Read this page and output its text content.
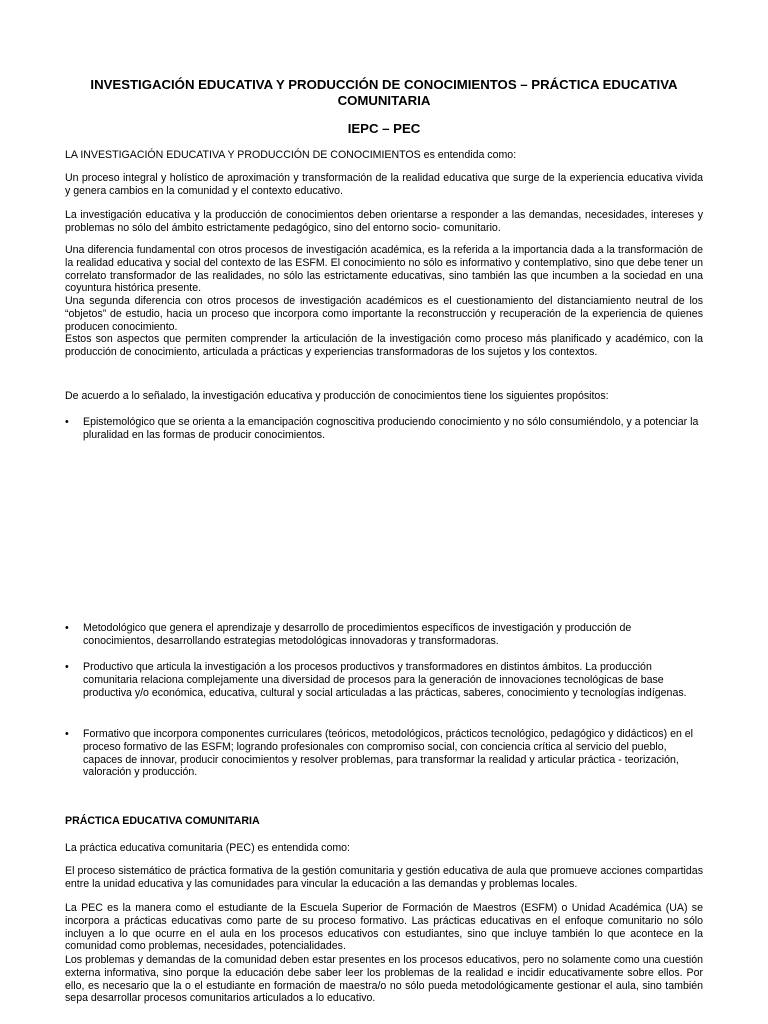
INVESTIGACIÓN EDUCATIVA Y PRODUCCIÓN DE CONOCIMIENTOS – PRÁCTICA EDUCATIVA COMUNITARIA
IEPC – PEC

LA INVESTIGACIÓN EDUCATIVA Y PRODUCCIÓN DE CONOCIMIENTOS es entendida como:

Un proceso integral y holístico de aproximación y transformación de la realidad educativa que surge de la experiencia educativa vivida y genera cambios en la comunidad y el contexto educativo.

La investigación educativa y la producción de conocimientos deben orientarse a responder a las demandas, necesidades, intereses y problemas no sólo del ámbito estrictamente pedagógico, sino del entorno socio- comunitario.

Una diferencia fundamental con otros procesos de investigación académica, es la referida a la importancia dada a la transformación de la realidad educativa y social del contexto de las ESFM. El conocimiento no sólo es informativo y contemplativo, sino que debe tener un correlato transformador de las realidades, no sólo las estrictamente educativas, sino también las que incumben a la sociedad en una coyuntura histórica presente.

Una segunda diferencia con otros procesos de investigación académicos es el cuestionamiento del distanciamiento neutral de los “objetos” de estudio, hacia un proceso que incorpora como importante la reconstrucción y recuperación de la experiencia de quienes producen conocimiento.

Estos son aspectos que permiten comprender la articulación de la investigación como proceso más planificado y académico, con la producción de conocimiento, articulada a prácticas y experiencias transformadoras de los sujetos y los contextos.

De acuerdo a lo señalado, la investigación educativa y producción de conocimientos tiene los siguientes propósitos:

•	Epistemológico que se orienta a la emancipación cognoscitiva produciendo conocimiento y no sólo consumiéndolo, y a potenciar la pluralidad en las formas de producir conocimientos.
•	Metodológico que genera el aprendizaje y desarrollo de procedimientos específicos de investigación y producción de conocimientos, desarrollando estrategias metodológicas innovadoras y transformadoras.
•	Productivo que articula la investigación a los procesos productivos y transformadores en distintos ámbitos. La producción comunitaria relaciona complejamente una diversidad de procesos para la generación de innovaciones tecnológicas de base productiva y/o económica, educativa, cultural y social articuladas a las prácticas, saberes, conocimiento y tecnologías indígenas.
•	Formativo que incorpora componentes curriculares (teóricos, metodológicos, prácticos tecnológico, pedagógico y didácticos) en el proceso formativo de las ESFM; logrando profesionales con compromiso social, con conciencia crítica al servicio del pueblo, capaces de innovar, producir conocimientos y resolver problemas, para transformar la realidad y articular práctica - teorización, valoración y producción.

PRÁCTICA EDUCATIVA COMUNITARIA

La práctica educativa comunitaria (PEC) es entendida como:

El proceso sistemático de práctica formativa de la gestión comunitaria y gestión educativa de aula que promueve acciones compartidas entre la unidad educativa y las comunidades para vincular la educación a las demandas y problemas locales.

La PEC es la manera como el estudiante de la Escuela Superior de Formación de Maestros (ESFM) o Unidad Académica (UA) se incorpora a prácticas educativas como parte de su proceso formativo. Las prácticas educativas en el enfoque comunitario no sólo incluyen a lo que ocurre en el aula en los procesos educativos con estudiantes, sino que incluye también lo que acontece en la comunidad como problemas, necesidades, potencialidades.

Los problemas y demandas de la comunidad deben estar presentes en los procesos educativos, pero no solamente como una cuestión externa informativa, sino porque la educación debe saber leer los problemas de la realidad e incidir educativamente sobre ellos. Por ello, es necesario que la o el estudiante en formación de maestra/o no sólo pueda metodológicamente gestionar el aula, sino también sepa desarrollar procesos comunitarios articulados a lo educativo.
